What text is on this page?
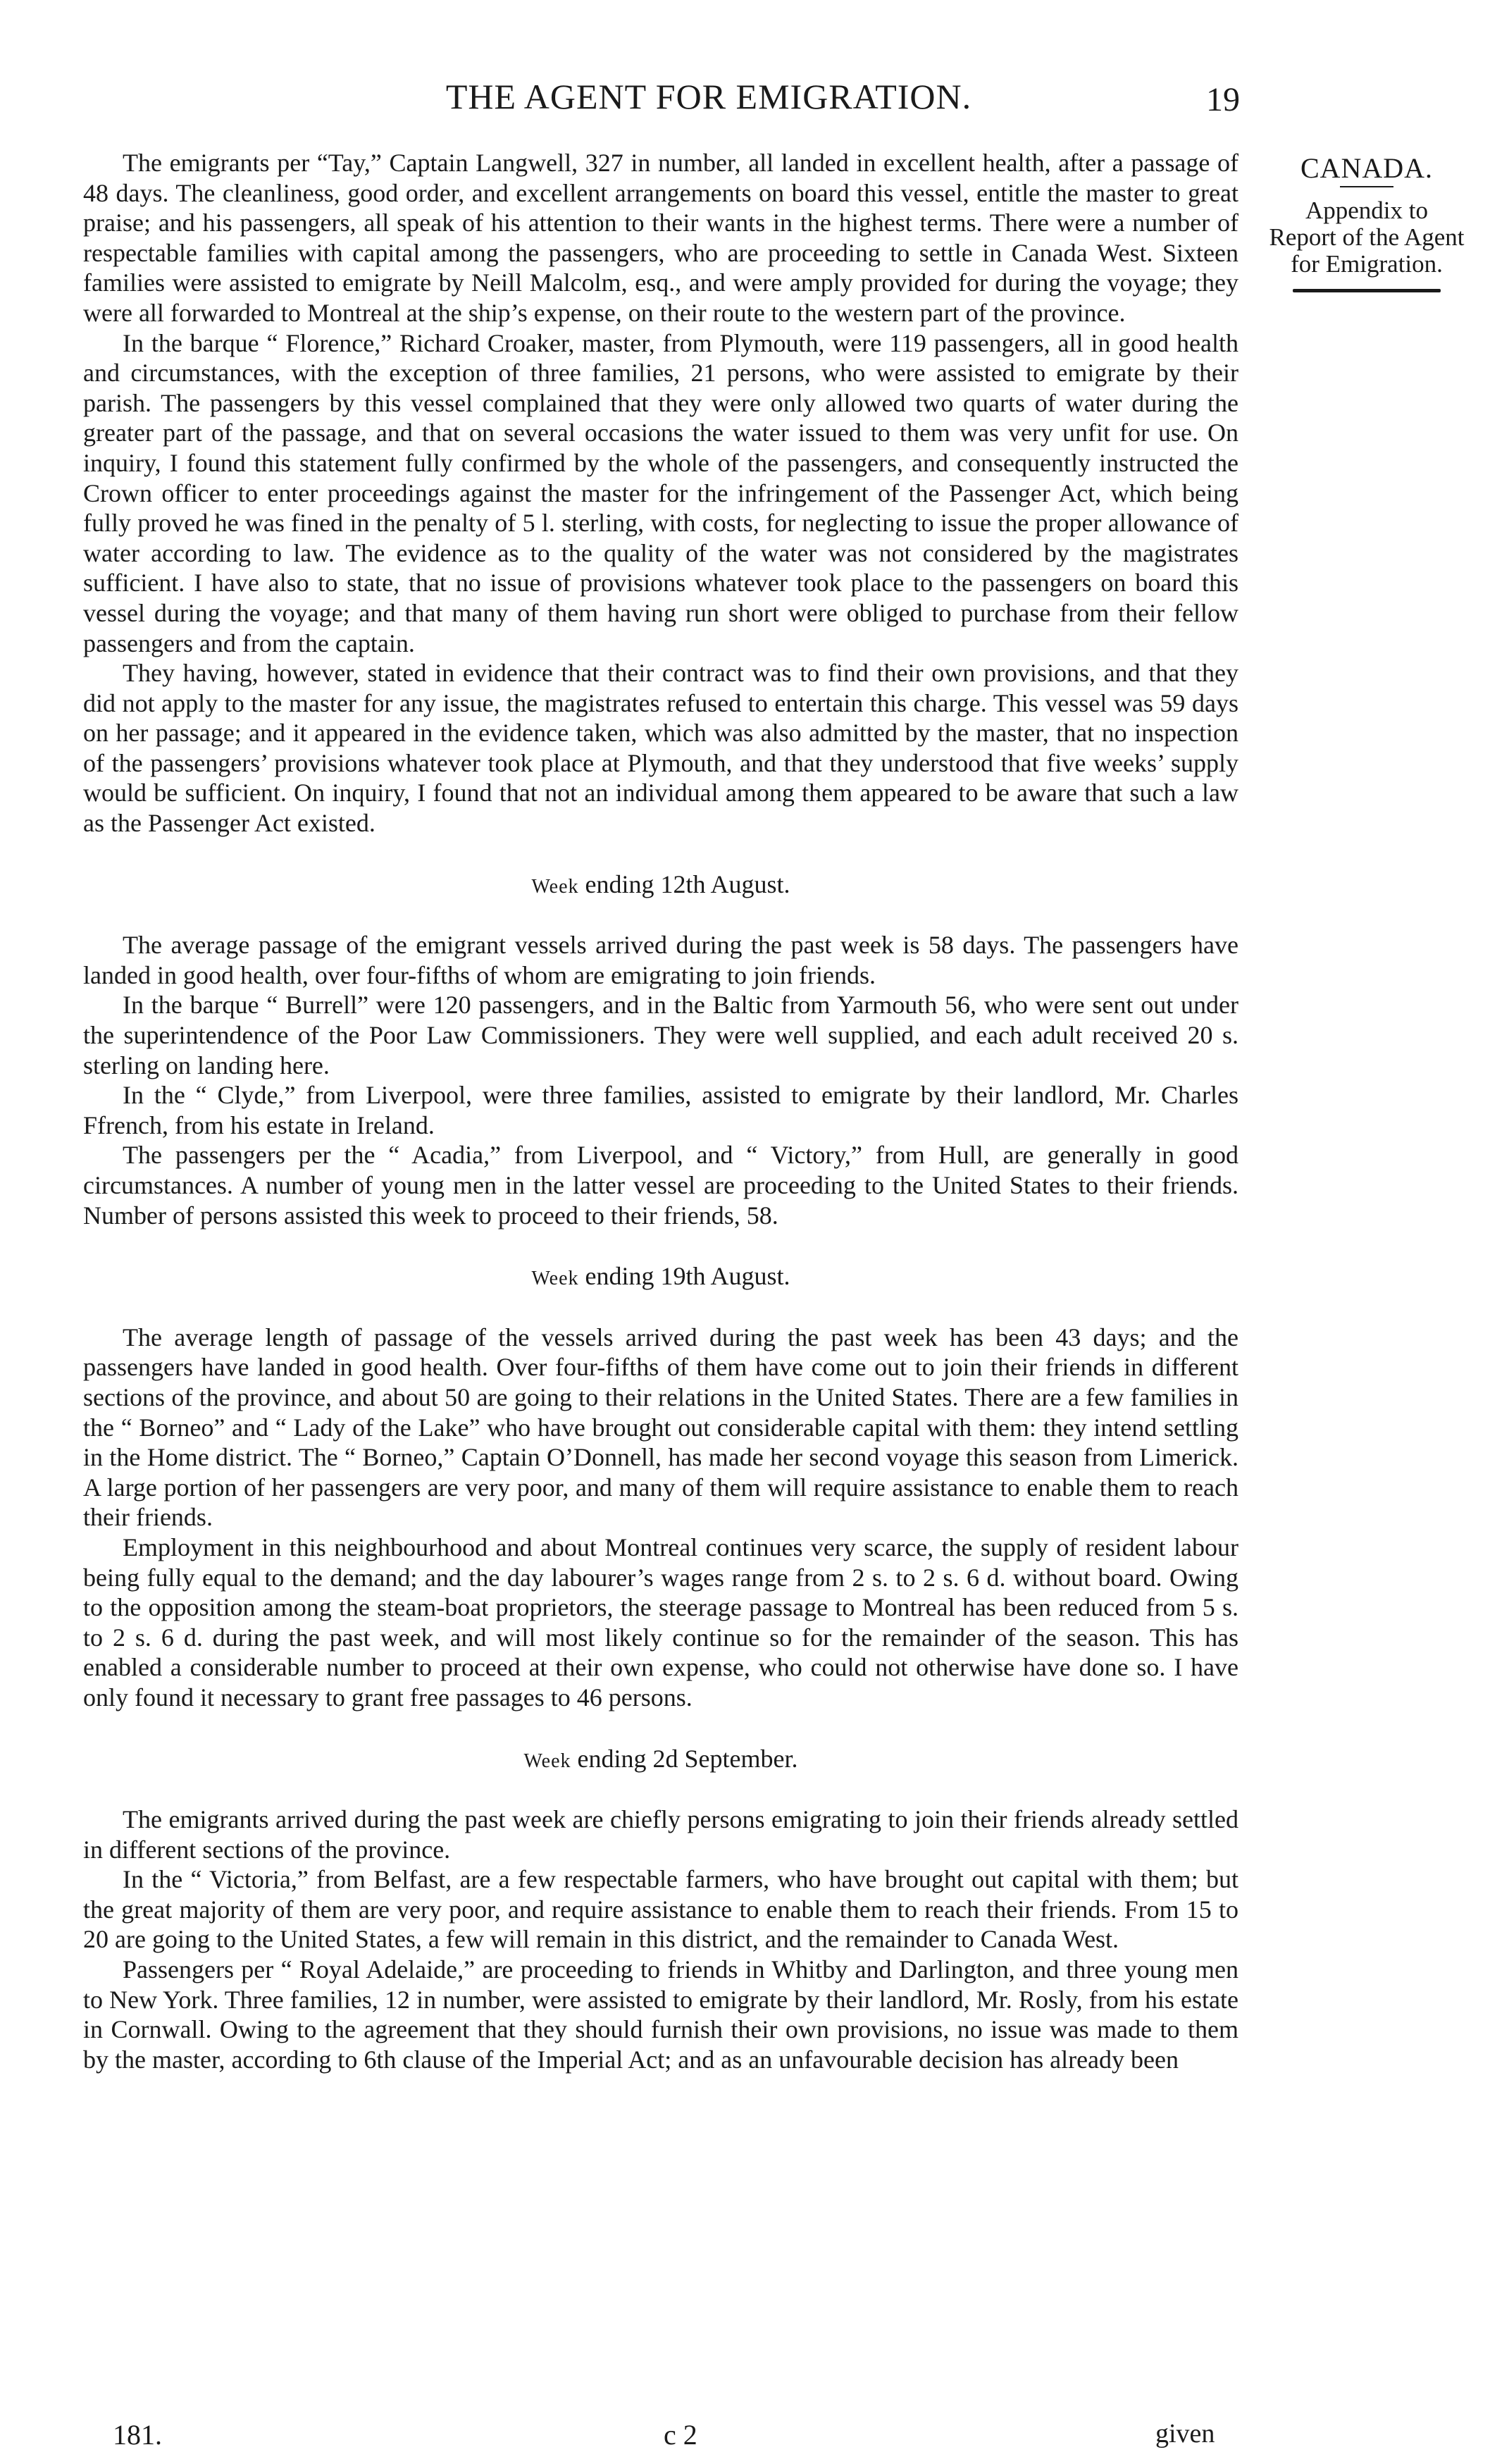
THE AGENT FOR EMIGRATION.	19
CANADA.
Appendix to
Report of the Agent
for Emigration.

The emigrants per “Tay,” Captain Langwell, 327 in number, all landed in excellent health, after a passage of 48 days. The cleanliness, good order, and excellent arrangements on board this vessel, entitle the master to great praise; and his passengers, all speak of his attention to their wants in the highest terms. There were a number of respectable families with capital among the passengers, who are proceeding to settle in Canada West. Sixteen families were assisted to emigrate by Neill Malcolm, esq., and were amply provided for during the voyage; they were all forwarded to Montreal at the ship’s expense, on their route to the western part of the province.

In the barque “ Florence,” Richard Croaker, master, from Plymouth, were 119 passengers, all in good health and circumstances, with the exception of three families, 21 persons, who were assisted to emigrate by their parish. The passengers by this vessel complained that they were only allowed two quarts of water during the greater part of the passage, and that on several occasions the water issued to them was very unfit for use. On inquiry, I found this statement fully confirmed by the whole of the passengers, and consequently instructed the Crown officer to enter proceedings against the master for the infringement of the Passenger Act, which being fully proved he was fined in the penalty of 5 l. sterling, with costs, for neglecting to issue the proper allowance of water according to law. The evidence as to the quality of the water was not considered by the magistrates sufficient. I have also to state, that no issue of provisions whatever took place to the passengers on board this vessel during the voyage; and that many of them having run short were obliged to purchase from their fellow passengers and from the captain.

They having, however, stated in evidence that their contract was to find their own provisions, and that they did not apply to the master for any issue, the magistrates refused to entertain this charge. This vessel was 59 days on her passage; and it appeared in the evidence taken, which was also admitted by the master, that no inspection of the passengers’ provisions whatever took place at Plymouth, and that they understood that five weeks’ supply would be sufficient. On inquiry, I found that not an individual among them appeared to be aware that such a law as the Passenger Act existed.

Week ending 12th August.

The average passage of the emigrant vessels arrived during the past week is 58 days. The passengers have landed in good health, over four-fifths of whom are emigrating to join friends.

In the barque “ Burrell” were 120 passengers, and in the Baltic from Yarmouth 56, who were sent out under the superintendence of the Poor Law Commissioners. They were well supplied, and each adult received 20 s. sterling on landing here.

In the “ Clyde,” from Liverpool, were three families, assisted to emigrate by their landlord, Mr. Charles Ffrench, from his estate in Ireland.

The passengers per the “ Acadia,” from Liverpool, and “ Victory,” from Hull, are generally in good circumstances. A number of young men in the latter vessel are proceeding to the United States to their friends. Number of persons assisted this week to proceed to their friends, 58.

Week ending 19th August.

The average length of passage of the vessels arrived during the past week has been 43 days; and the passengers have landed in good health. Over four-fifths of them have come out to join their friends in different sections of the province, and about 50 are going to their relations in the United States. There are a few families in the “ Borneo” and “ Lady of the Lake” who have brought out considerable capital with them: they intend settling in the Home district. The “ Borneo,” Captain O’Donnell, has made her second voyage this season from Limerick. A large portion of her passengers are very poor, and many of them will require assistance to enable them to reach their friends.

Employment in this neighbourhood and about Montreal continues very scarce, the supply of resident labour being fully equal to the demand; and the day labourer’s wages range from 2 s. to 2 s. 6 d. without board. Owing to the opposition among the steam-boat proprietors, the steerage passage to Montreal has been reduced from 5 s. to 2 s. 6 d. during the past week, and will most likely continue so for the remainder of the season. This has enabled a considerable number to proceed at their own expense, who could not otherwise have done so. I have only found it necessary to grant free passages to 46 persons.

Week ending 2d September.

The emigrants arrived during the past week are chiefly persons emigrating to join their friends already settled in different sections of the province.

In the “ Victoria,” from Belfast, are a few respectable farmers, who have brought out capital with them; but the great majority of them are very poor, and require assistance to enable them to reach their friends. From 15 to 20 are going to the United States, a few will remain in this district, and the remainder to Canada West.

Passengers per “ Royal Adelaide,” are proceeding to friends in Whitby and Darlington, and three young men to New York. Three families, 12 in number, were assisted to emigrate by their landlord, Mr. Rosly, from his estate in Cornwall. Owing to the agreement that they should furnish their own provisions, no issue was made to them by the master, according to 6th clause of the Imperial Act; and as an unfavourable decision has already been

181.	c 2	given
